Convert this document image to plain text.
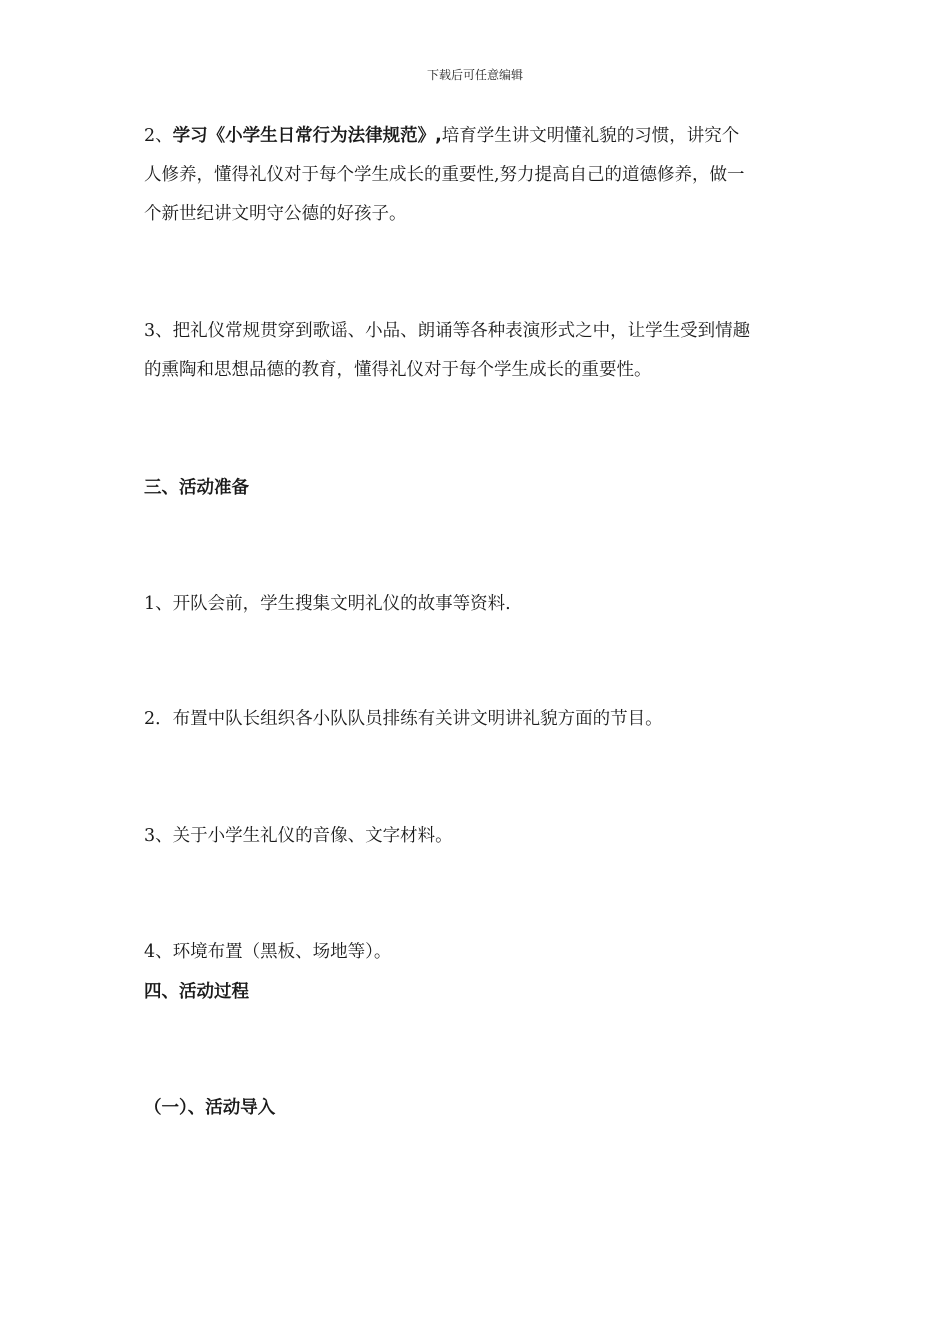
下载后可任意编辑
2、学习《小学生日常行为法律规范》,培育学生讲文明懂礼貌的习惯，讲究个
人修养，懂得礼仪对于每个学生成长的重要性,努力提高自己的道德修养，做一
个新世纪讲文明守公德的好孩子。
3、把礼仪常规贯穿到歌谣、小品、朗诵等各种表演形式之中，让学生受到情趣
的熏陶和思想品德的教育，懂得礼仪对于每个学生成长的重要性。
三、活动准备
1、开队会前，学生搜集文明礼仪的故事等资料.
2．布置中队长组织各小队队员排练有关讲文明讲礼貌方面的节目。
3、关于小学生礼仪的音像、文字材料。
4、环境布置（黑板、场地等）。
四、活动过程
（一）、活动导入
